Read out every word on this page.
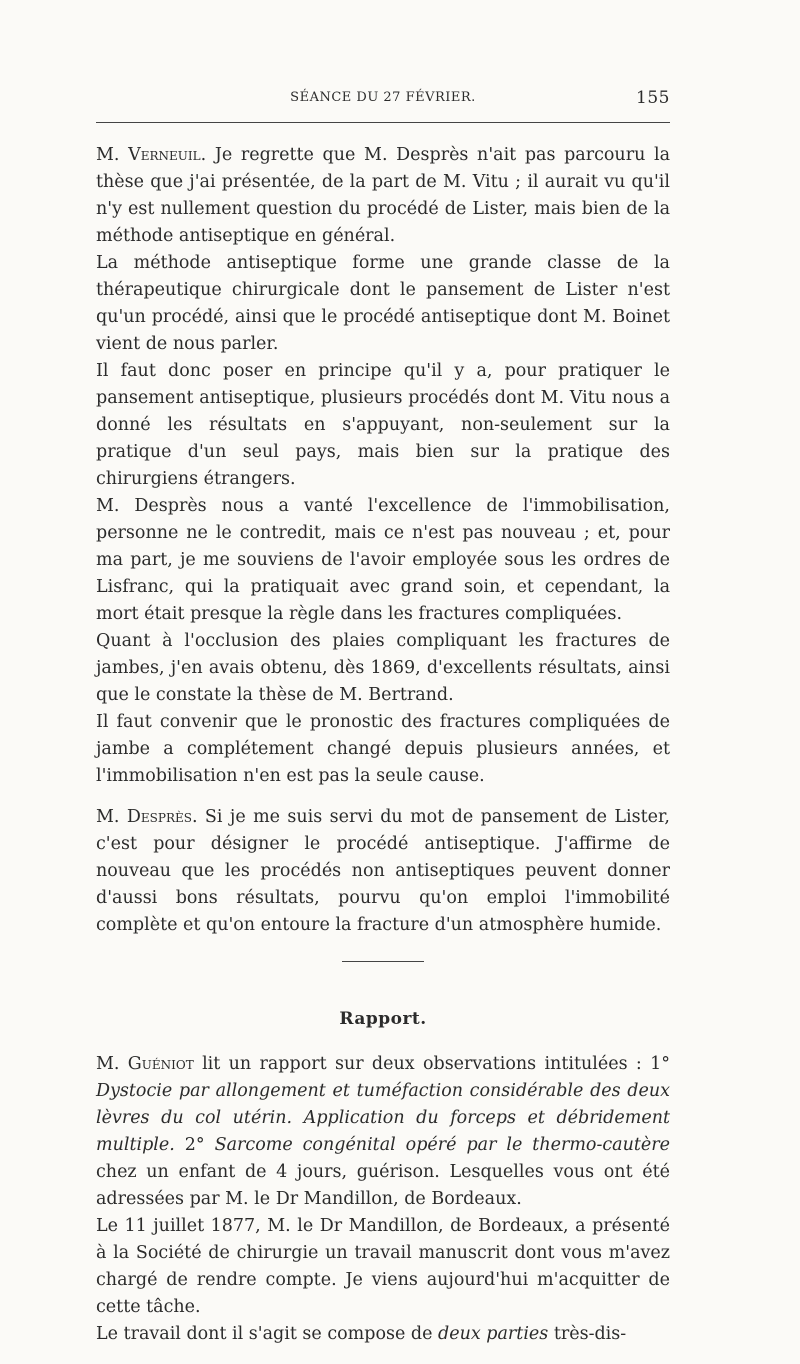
SÉANCE DU 27 FÉVRIER.	155

M. Verneuil. Je regrette que M. Desprès n'ait pas parcouru la thèse que j'ai présentée, de la part de M. Vitu ; il aurait vu qu'il n'y est nullement question du procédé de Lister, mais bien de la méthode antiseptique en général.

La méthode antiseptique forme une grande classe de la thérapeutique chirurgicale dont le pansement de Lister n'est qu'un procédé, ainsi que le procédé antiseptique dont M. Boinet vient de nous parler.

Il faut donc poser en principe qu'il y a, pour pratiquer le pansement antiseptique, plusieurs procédés dont M. Vitu nous a donné les résultats en s'appuyant, non-seulement sur la pratique d'un seul pays, mais bien sur la pratique des chirurgiens étrangers.

M. Desprès nous a vanté l'excellence de l'immobilisation, personne ne le contredit, mais ce n'est pas nouveau ; et, pour ma part, je me souviens de l'avoir employée sous les ordres de Lisfranc, qui la pratiquait avec grand soin, et cependant, la mort était presque la règle dans les fractures compliquées.

Quant à l'occlusion des plaies compliquant les fractures de jambes, j'en avais obtenu, dès 1869, d'excellents résultats, ainsi que le constate la thèse de M. Bertrand.

Il faut convenir que le pronostic des fractures compliquées de jambe a complétement changé depuis plusieurs années, et l'immobilisation n'en est pas la seule cause.

M. Desprès. Si je me suis servi du mot de pansement de Lister, c'est pour désigner le procédé antiseptique. J'affirme de nouveau que les procédés non antiseptiques peuvent donner d'aussi bons résultats, pourvu qu'on emploi l'immobilité complète et qu'on entoure la fracture d'un atmosphère humide.

Rapport.

M. Guéniot lit un rapport sur deux observations intitulées : 1° Dystocie par allongement et tuméfaction considérable des deux lèvres du col utérin. Application du forceps et débridement multiple. 2° Sarcome congénital opéré par le thermo-cautère chez un enfant de 4 jours, guérison. Lesquelles vous ont été adressées par M. le Dr Mandillon, de Bordeaux.

Le 11 juillet 1877, M. le Dr Mandillon, de Bordeaux, a présenté à la Société de chirurgie un travail manuscrit dont vous m'avez chargé de rendre compte. Je viens aujourd'hui m'acquitter de cette tâche.

Le travail dont il s'agit se compose de deux parties très-dis-
